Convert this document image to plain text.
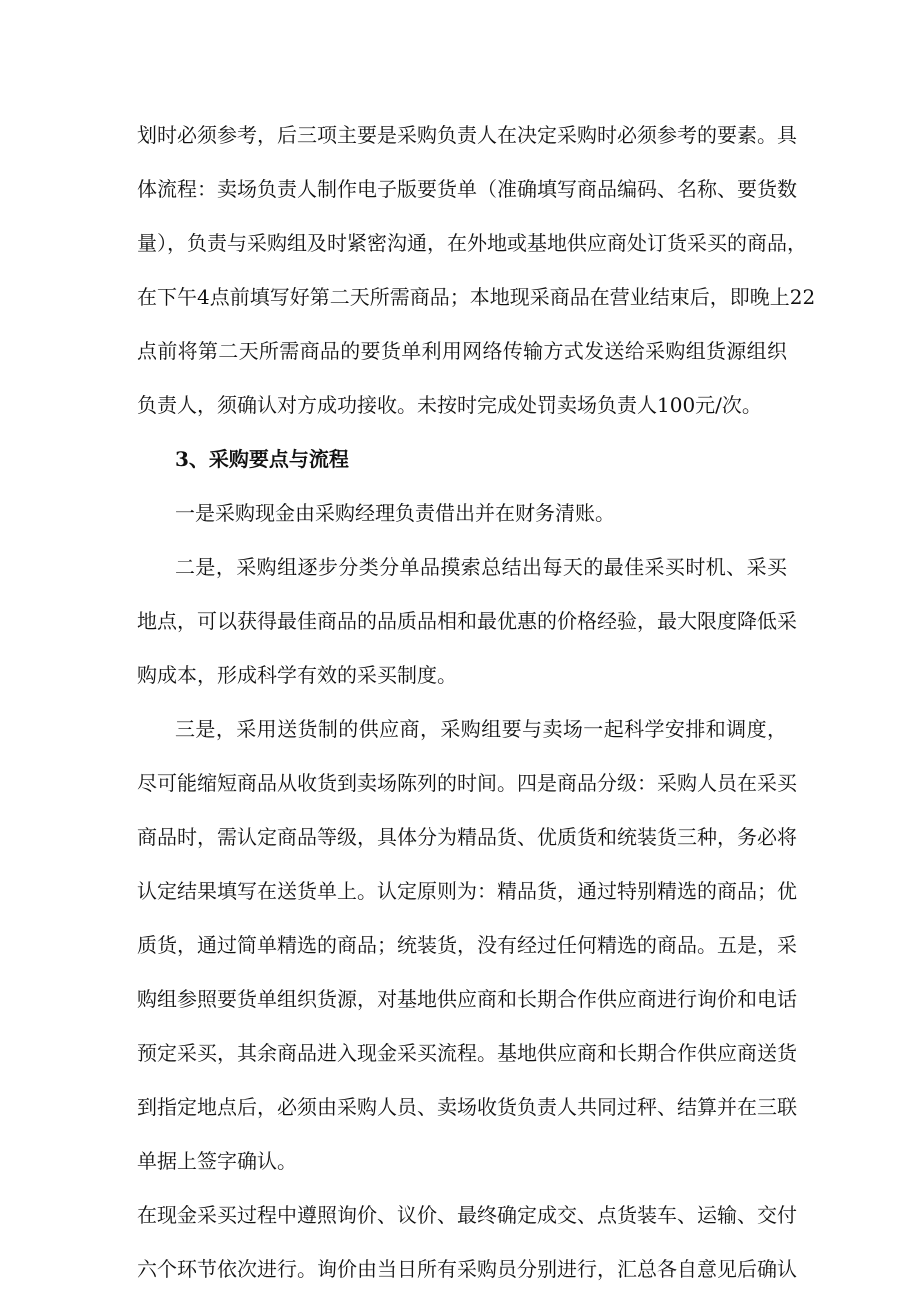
划时必须参考，后三项主要是采购负责人在决定采购时必须参考的要素。具
体流程：卖场负责人制作电子版要货单（准确填写商品编码、名称、要货数
量），负责与采购组及时紧密沟通，在外地或基地供应商处订货采买的商品，
在下午4点前填写好第二天所需商品；本地现采商品在营业结束后，即晚上22
点前将第二天所需商品的要货单利用网络传输方式发送给采购组货源组织
负责人，须确认对方成功接收。未按时完成处罚卖场负责人100元/次。
3、采购要点与流程
一是采购现金由采购经理负责借出并在财务清账。
二是，采购组逐步分类分单品摸索总结出每天的最佳采买时机、采买
地点，可以获得最佳商品的品质品相和最优惠的价格经验，最大限度降低采
购成本，形成科学有效的采买制度。
三是，采用送货制的供应商，采购组要与卖场一起科学安排和调度，
尽可能缩短商品从收货到卖场陈列的时间。四是商品分级：采购人员在采买
商品时，需认定商品等级，具体分为精品货、优质货和统装货三种，务必将
认定结果填写在送货单上。认定原则为：精品货，通过特别精选的商品；优
质货，通过简单精选的商品；统装货，没有经过任何精选的商品。五是，采
购组参照要货单组织货源，对基地供应商和长期合作供应商进行询价和电话
预定采买，其余商品进入现金采买流程。基地供应商和长期合作供应商送货
到指定地点后，必须由采购人员、卖场收货负责人共同过秤、结算并在三联
单据上签字确认。
在现金采买过程中遵照询价、议价、最终确定成交、点货装车、运输、交付
六个环节依次进行。询价由当日所有采购员分别进行，汇总各自意见后确认
